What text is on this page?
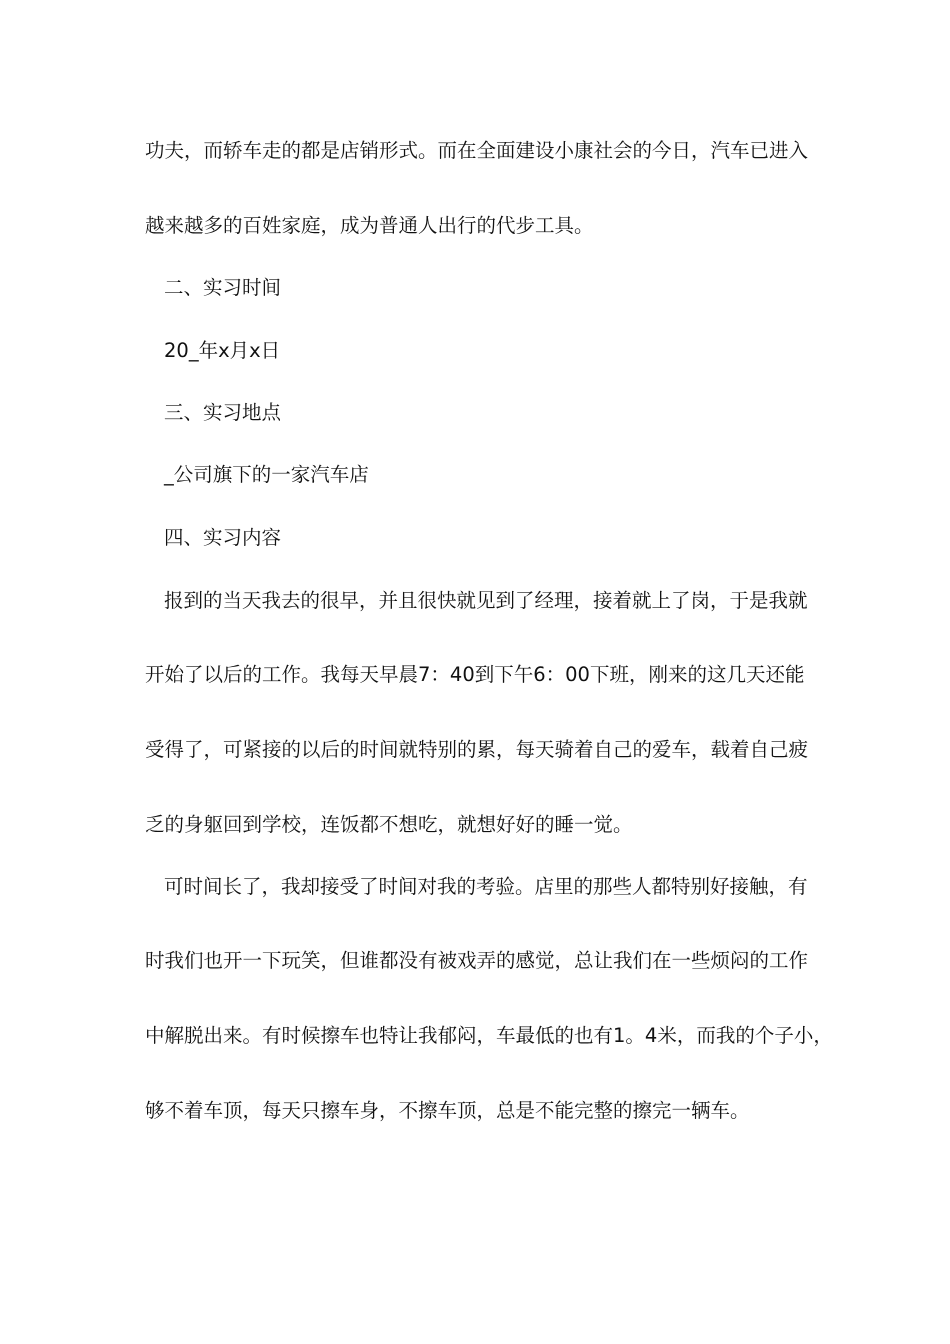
功夫，而轿车走的都是店销形式。而在全面建设小康社会的今日，汽车已进入
越来越多的百姓家庭，成为普通人出行的代步工具。
二、实习时间
20_年x月x日
三、实习地点
_公司旗下的一家汽车店
四、实习内容
报到的当天我去的很早，并且很快就见到了经理，接着就上了岗，于是我就
开始了以后的工作。我每天早晨7：40到下午6：00下班，刚来的这几天还能
受得了，可紧接的以后的时间就特别的累，每天骑着自己的爱车，载着自己疲
乏的身躯回到学校，连饭都不想吃，就想好好的睡一觉。
可时间长了，我却接受了时间对我的考验。店里的那些人都特别好接触，有
时我们也开一下玩笑，但谁都没有被戏弄的感觉，总让我们在一些烦闷的工作
中解脱出来。有时候擦车也特让我郁闷，车最低的也有1。4米，而我的个子小，
够不着车顶，每天只擦车身，不擦车顶，总是不能完整的擦完一辆车。
